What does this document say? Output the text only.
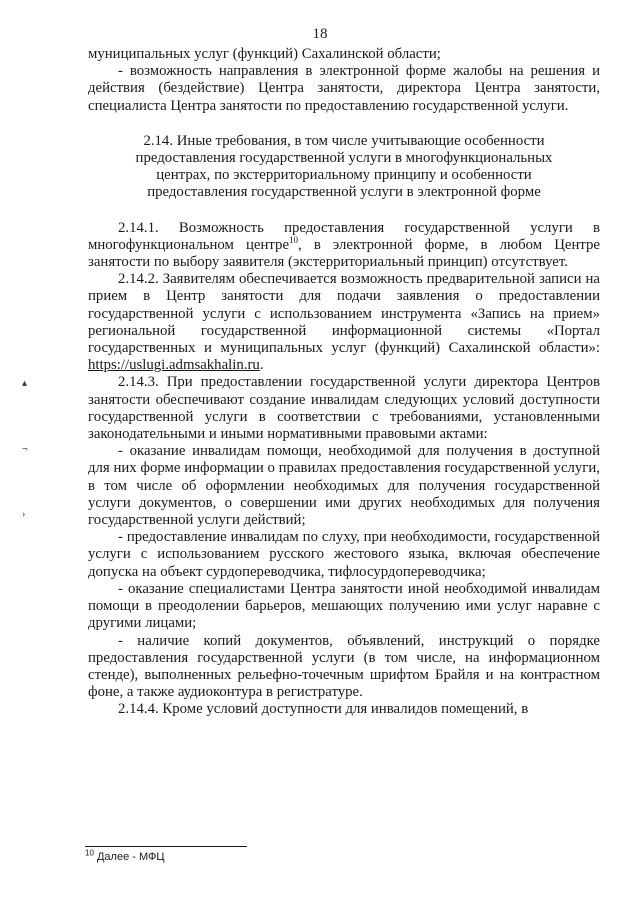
18
▴
¬
›

муниципальных услуг (функций) Сахалинской области;

- возможность направления в электронной форме жалобы на решения и действия (бездействие) Центра занятости, директора Центра занятости, специалиста Центра занятости по предоставлению государственной услуги.

2.14. Иные требования, в том числе учитывающие особенности
предоставления государственной услуги в многофункциональных
центрах, по экстерриториальному принципу и особенности
предоставления государственной услуги в электронной форме

2.14.1. Возможность предоставления государственной услуги в многофункциональном центре$^{10}$, в электронной форме, в любом Центре занятости по выбору заявителя (экстерриториальный принцип) отсутствует.

2.14.2. Заявителям обеспечивается возможность предварительной записи на прием в Центр занятости для подачи заявления о предоставлении государственной услуги с использованием инструмента «Запись на прием» региональной государственной информационной системы «Портал государственных и муниципальных услуг (функций) Сахалинской области»: https://uslugi.admsakhalin.ru.

2.14.3. При предоставлении государственной услуги директора Центров занятости обеспечивают создание инвалидам следующих условий доступности государственной услуги в соответствии с требованиями, установленными законодательными и иными нормативными правовыми актами:

- оказание инвалидам помощи, необходимой для получения в доступной для них форме информации о правилах предоставления государственной услуги, в том числе об оформлении необходимых для получения государственной услуги документов, о совершении ими других необходимых для получения государственной услуги действий;

- предоставление инвалидам по слуху, при необходимости, государственной услуги с использованием русского жестового языка, включая обеспечение допуска на объект сурдопереводчика, тифлосурдопереводчика;

- оказание специалистами Центра занятости иной необходимой инвалидам помощи в преодолении барьеров, мешающих получению ими услуг наравне с другими лицами;

- наличие копий документов, объявлений, инструкций о порядке предоставления государственной услуги (в том числе, на информационном стенде), выполненных рельефно-точечным шрифтом Брайля и на контрастном фоне, а также аудиоконтура в регистратуре.

2.14.4. Кроме условий доступности для инвалидов помещений, в

$^{10}$ Далее - МФЦ
